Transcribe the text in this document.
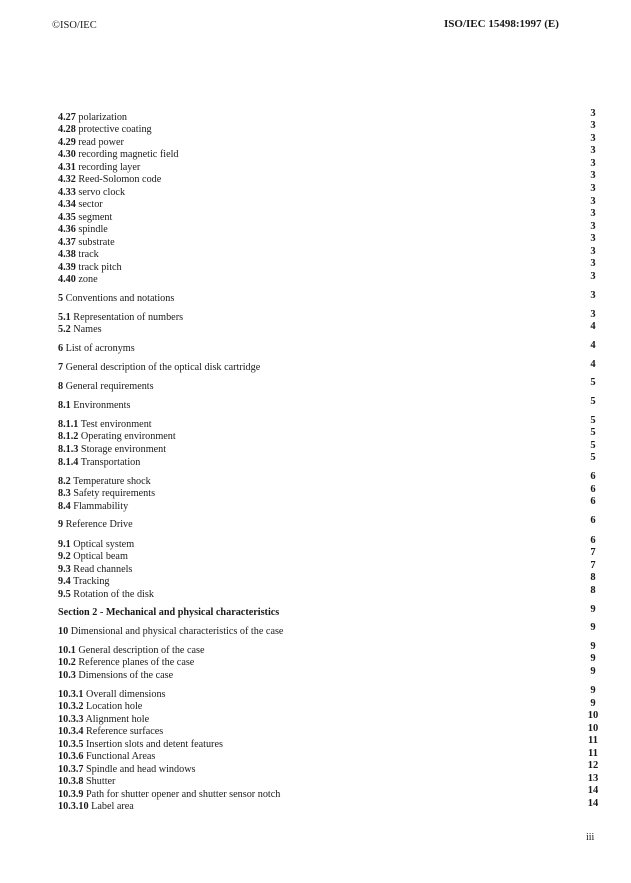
©ISO/IEC	ISO/IEC 15498:1997 (E)
4.27 polarization	3
4.28 protective coating	3
4.29 read power	3
4.30 recording magnetic field	3
4.31 recording layer	3
4.32 Reed-Solomon code	3
4.33 servo clock	3
4.34 sector	3
4.35 segment	3
4.36 spindle	3
4.37 substrate	3
4.38 track	3
4.39 track pitch	3
4.40 zone	3
5 Conventions and notations	3
5.1 Representation of numbers	3
5.2 Names	4
6 List of acronyms	4
7 General description of the optical disk cartridge	4
8 General requirements	5
8.1 Environments	5
8.1.1 Test environment	5
8.1.2 Operating environment	5
8.1.3 Storage environment	5
8.1.4 Transportation	5
8.2 Temperature shock	6
8.3 Safety requirements	6
8.4 Flammability	6
9 Reference Drive	6
9.1 Optical system	6
9.2 Optical beam	7
9.3 Read channels	7
9.4 Tracking	8
9.5 Rotation of the disk	8
Section 2 - Mechanical and physical characteristics	9
10 Dimensional and physical characteristics of the case	9
10.1 General description of the case	9
10.2 Reference planes of the case	9
10.3 Dimensions of the case	9
10.3.1 Overall dimensions	9
10.3.2 Location hole	9
10.3.3 Alignment hole	10
10.3.4 Reference surfaces	10
10.3.5 Insertion slots and detent features	11
10.3.6 Functional Areas	11
10.3.7 Spindle and head windows	12
10.3.8 Shutter	13
10.3.9 Path for shutter opener and shutter sensor notch	14
10.3.10 Label area	14
iii
